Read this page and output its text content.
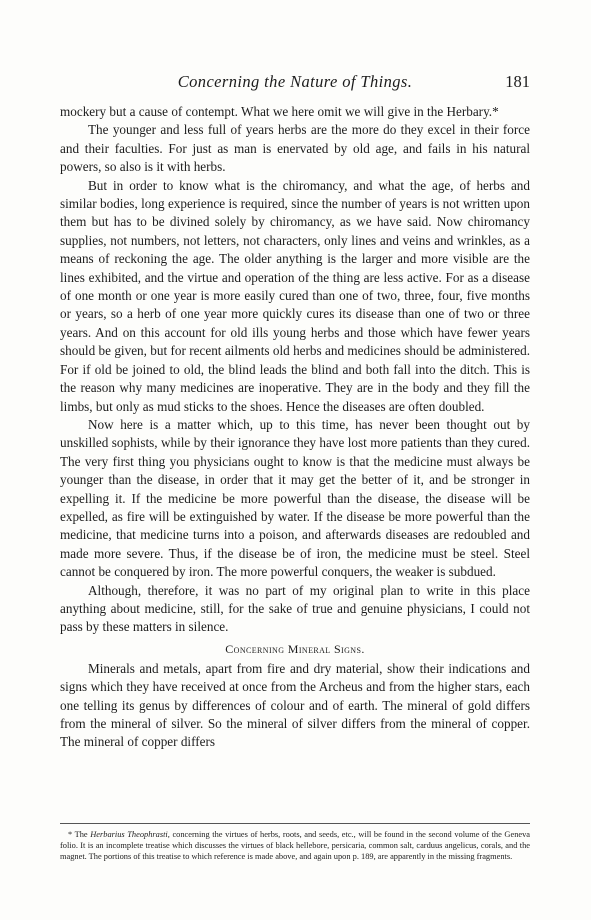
Concerning the Nature of Things.	181

mockery but a cause of contempt. What we here omit we will give in the Herbary.*

The younger and less full of years herbs are the more do they excel in their force and their faculties. For just as man is enervated by old age, and fails in his natural powers, so also is it with herbs.

But in order to know what is the chiromancy, and what the age, of herbs and similar bodies, long experience is required, since the number of years is not written upon them but has to be divined solely by chiromancy, as we have said. Now chiromancy supplies, not numbers, not letters, not characters, only lines and veins and wrinkles, as a means of reckoning the age. The older anything is the larger and more visible are the lines exhibited, and the virtue and operation of the thing are less active. For as a disease of one month or one year is more easily cured than one of two, three, four, five months or years, so a herb of one year more quickly cures its disease than one of two or three years. And on this account for old ills young herbs and those which have fewer years should be given, but for recent ailments old herbs and medicines should be administered. For if old be joined to old, the blind leads the blind and both fall into the ditch. This is the reason why many medicines are inoperative. They are in the body and they fill the limbs, but only as mud sticks to the shoes. Hence the diseases are often doubled.

Now here is a matter which, up to this time, has never been thought out by unskilled sophists, while by their ignorance they have lost more patients than they cured. The very first thing you physicians ought to know is that the medicine must always be younger than the disease, in order that it may get the better of it, and be stronger in expelling it. If the medicine be more powerful than the disease, the disease will be expelled, as fire will be extinguished by water. If the disease be more powerful than the medicine, that medicine turns into a poison, and afterwards diseases are redoubled and made more severe. Thus, if the disease be of iron, the medicine must be steel. Steel cannot be conquered by iron. The more powerful conquers, the weaker is subdued.

Although, therefore, it was no part of my original plan to write in this place anything about medicine, still, for the sake of true and genuine physicians, I could not pass by these matters in silence.

Concerning Mineral Signs.

Minerals and metals, apart from fire and dry material, show their indications and signs which they have received at once from the Archeus and from the higher stars, each one telling its genus by differences of colour and of earth. The mineral of gold differs from the mineral of silver. So the mineral of silver differs from the mineral of copper. The mineral of copper differs

* The Herbarius Theophrasti, concerning the virtues of herbs, roots, and seeds, etc., will be found in the second volume of the Geneva folio. It is an incomplete treatise which discusses the virtues of black hellebore, persicaria, common salt, carduus angelicus, corals, and the magnet. The portions of this treatise to which reference is made above, and again upon p. 189, are apparently in the missing fragments.
